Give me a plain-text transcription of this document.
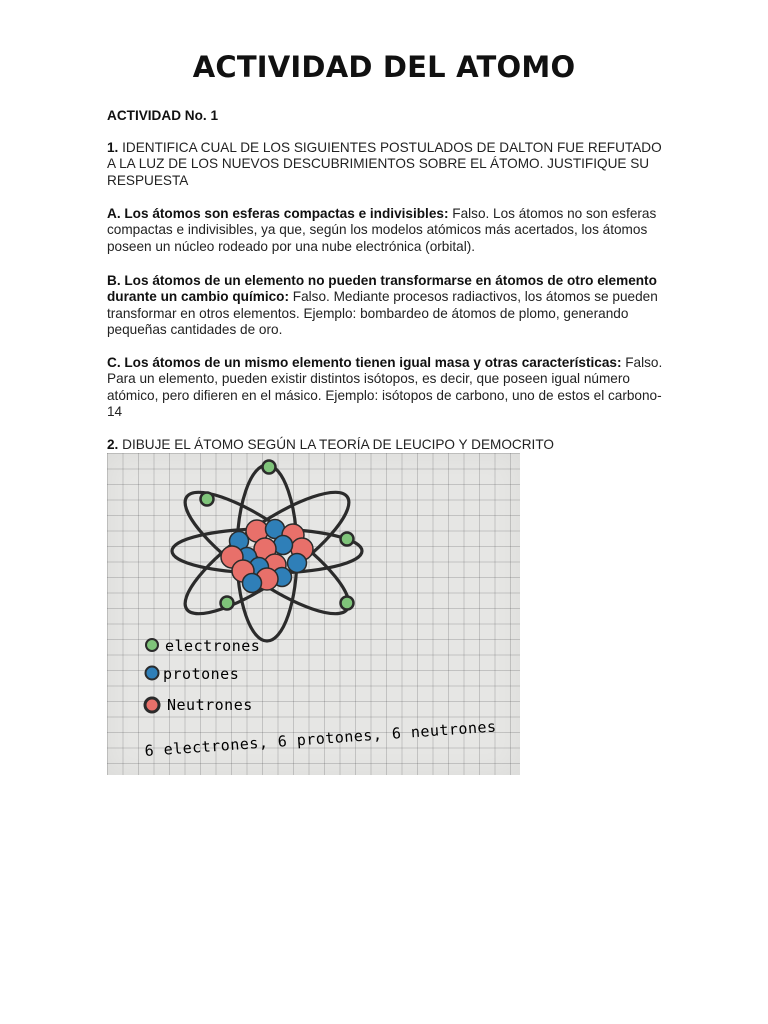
ACTIVIDAD DEL ATOMO
ACTIVIDAD No. 1
1. IDENTIFICA CUAL DE LOS SIGUIENTES POSTULADOS DE DALTON FUE REFUTADO A LA LUZ DE LOS NUEVOS DESCUBRIMIENTOS SOBRE EL ÁTOMO. JUSTIFIQUE SU RESPUESTA
A. Los átomos son esferas compactas e indivisibles: Falso. Los átomos no son esferas compactas e indivisibles, ya que, según los modelos atómicos más acertados, los átomos poseen un núcleo rodeado por una nube electrónica (orbital).
B. Los átomos de un elemento no pueden transformarse en átomos de otro elemento durante un cambio químico: Falso. Mediante procesos radiactivos, los átomos se pueden transformar en otros elementos. Ejemplo: bombardeo de átomos de plomo, generando pequeñas cantidades de oro.
C. Los átomos de un mismo elemento tienen igual masa y otras características: Falso. Para un elemento, pueden existir distintos isótopos, es decir, que poseen igual número atómico, pero difieren en el másico. Ejemplo: isótopos de carbono, uno de estos el carbono-14
2. DIBUJE EL ÁTOMO SEGÚN LA TEORÍA DE LEUCIPO Y DEMOCRITO
electrones
protones
Neutrones
6 electrones, 6 protones, 6 neutrones
